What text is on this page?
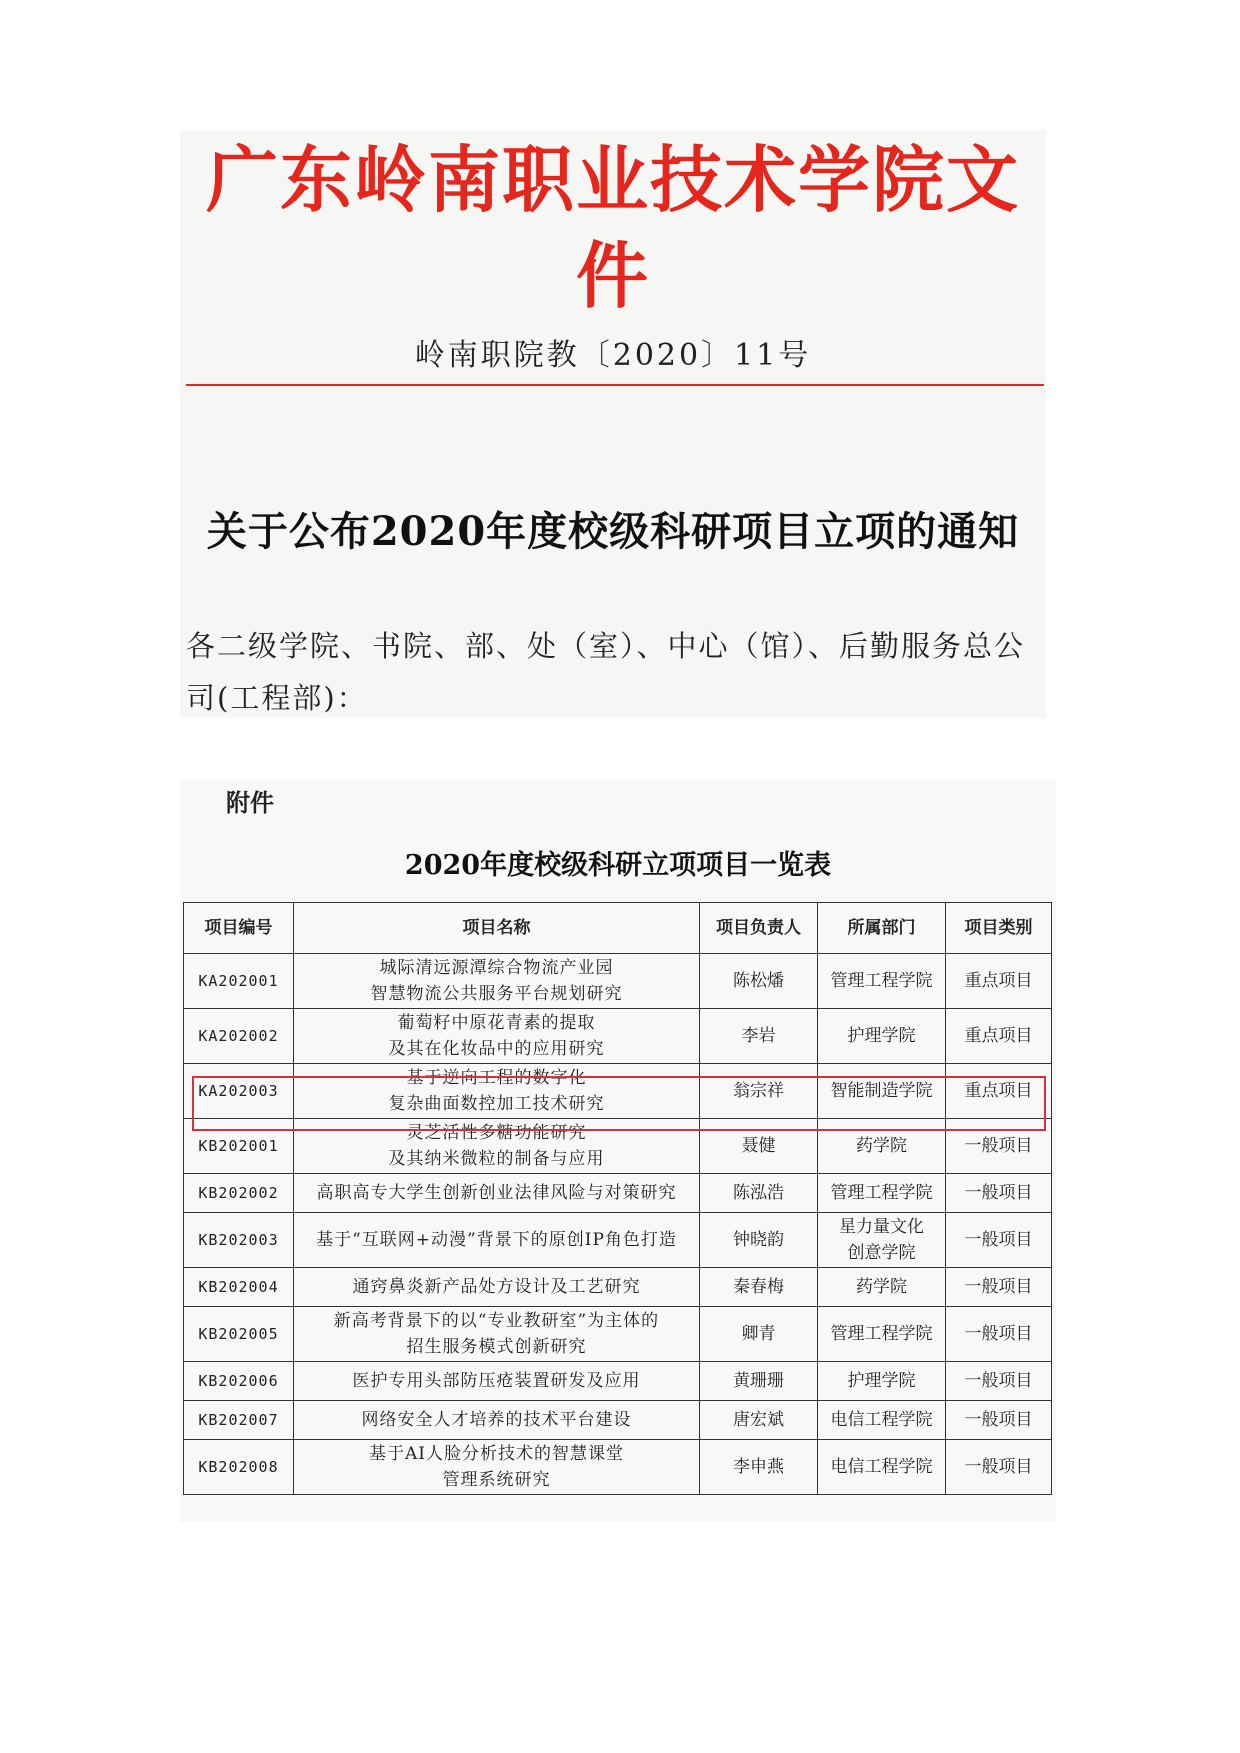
广东岭南职业技术学院文件
岭南职院教〔2020〕11号
关于公布2020年度校级科研项目立项的通知
各二级学院、书院、部、处（室）、中心（馆）、后勤服务总公
司(工程部)：
附件
2020年度校级科研立项项目一览表
项目编号	项目名称	项目负责人	所属部门	项目类别
KA202001	城际清远源潭综合物流产业园
智慧物流公共服务平台规划研究	陈松燔	管理工程学院	重点项目
KA202002	葡萄籽中原花青素的提取
及其在化妆品中的应用研究	李岩	护理学院	重点项目
KA202003	基于逆向工程的数字化
复杂曲面数控加工技术研究	翁宗祥	智能制造学院	重点项目
KB202001	灵芝活性多糖功能研究
及其纳米微粒的制备与应用	聂健	药学院	一般项目
KB202002	高职高专大学生创新创业法律风险与对策研究	陈泓浩	管理工程学院	一般项目
KB202003	基于“互联网+动漫”背景下的原创IP角色打造	钟晓韵	星力量文化
创意学院	一般项目
KB202004	通窍鼻炎新产品处方设计及工艺研究	秦春梅	药学院	一般项目
KB202005	新高考背景下的以“专业教研室”为主体的
招生服务模式创新研究	卿青	管理工程学院	一般项目
KB202006	医护专用头部防压疮装置研发及应用	黄珊珊	护理学院	一般项目
KB202007	网络安全人才培养的技术平台建设	唐宏斌	电信工程学院	一般项目
KB202008	基于AI人脸分析技术的智慧课堂
管理系统研究	李申燕	电信工程学院	一般项目
